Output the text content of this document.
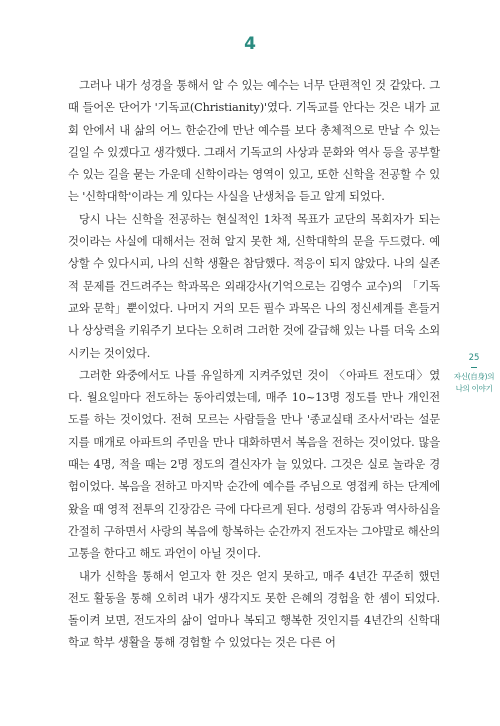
4

그러나 내가 성경을 통해서 알 수 있는 예수는 너무 단편적인 것 같았다. 그때 들어온 단어가 '기독교(Christianity)'였다. 기독교를 안다는 것은 내가 교회 안에서 내 삶의 어느 한순간에 만난 예수를 보다 총체적으로 만날 수 있는 길일 수 있겠다고 생각했다. 그래서 기독교의 사상과 문화와 역사 등을 공부할 수 있는 길을 묻는 가운데 신학이라는 영역이 있고, 또한 신학을 전공할 수 있는 '신학대학'이라는 게 있다는 사실을 난생처음 듣고 알게 되었다.

당시 나는 신학을 전공하는 현실적인 1차적 목표가 교단의 목회자가 되는 것이라는 사실에 대해서는 전혀 알지 못한 채, 신학대학의 문을 두드렸다. 예상할 수 있다시피, 나의 신학 생활은 참담했다. 적응이 되지 않았다. 나의 실존적 문제를 건드려주는 학과목은 외래강사(기억으로는 김영수 교수)의 「기독교와 문학」뿐이었다. 나머지 거의 모든 필수 과목은 나의 정신세계를 흔들거나 상상력을 키워주기 보다는 오히려 그러한 것에 갈급해 있는 나를 더욱 소외시키는 것이었다.

그러한 와중에서도 나를 유일하게 지켜주었던 것이 〈아파트 전도대〉였다. 월요일마다 전도하는 동아리였는데, 매주 10~13명 정도를 만나 개인전도를 하는 것이었다. 전혀 모르는 사람들을 만나 '종교실태 조사서'라는 설문지를 매개로 아파트의 주민을 만나 대화하면서 복음을 전하는 것이었다. 많을 때는 4명, 적을 때는 2명 정도의 결신자가 늘 있었다. 그것은 실로 놀라운 경험이었다. 복음을 전하고 마지막 순간에 예수를 주님으로 영접케 하는 단계에 왔을 때 영적 전투의 긴장감은 극에 다다르게 된다. 성령의 감동과 역사하심을 간절히 구하면서 사랑의 복음에 항복하는 순간까지 전도자는 그야말로 해산의 고통을 한다고 해도 과언이 아닐 것이다.

내가 신학을 통해서 얻고자 한 것은 얻지 못하고, 매주 4년간 꾸준히 했던 전도 활동을 통해 오히려 내가 생각지도 못한 은혜의 경험을 한 셈이 되었다. 돌이켜 보면, 전도자의 삶이 얼마나 복되고 행복한 것인지를 4년간의 신학대학교 학부 생활을 통해 경험할 수 있었다는 것은 다른 어

25
자신(自身)의
나의 이야기
